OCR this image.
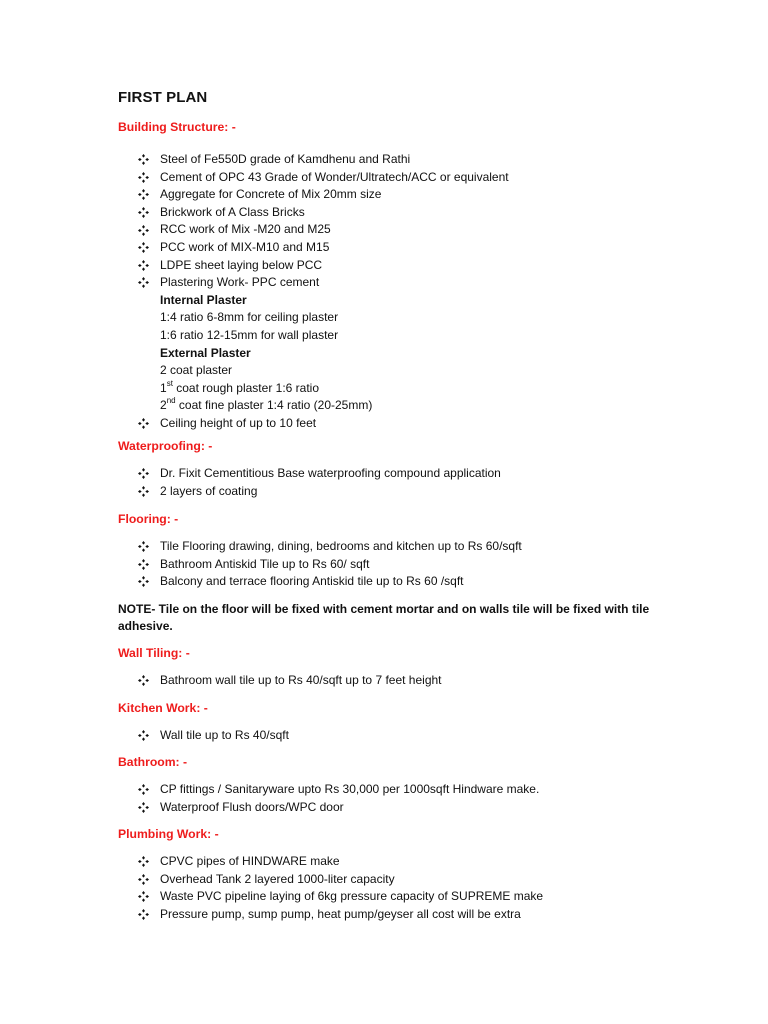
FIRST PLAN
Building Structure: -
Steel of Fe550D grade of Kamdhenu and Rathi
Cement of OPC 43 Grade of Wonder/Ultratech/ACC or equivalent
Aggregate for Concrete of Mix 20mm size
Brickwork of A Class Bricks
RCC work of Mix -M20 and M25
PCC work of MIX-M10 and M15
LDPE sheet laying below PCC
Plastering Work- PPC cement
Internal Plaster
1:4 ratio 6-8mm for ceiling plaster
1:6 ratio 12-15mm for wall plaster
External Plaster
2 coat plaster
1st coat rough plaster 1:6 ratio
2nd coat fine plaster 1:4 ratio (20-25mm)
Ceiling height of up to 10 feet
Waterproofing: -
Dr. Fixit Cementitious Base waterproofing compound application
2 layers of coating
Flooring: -
Tile Flooring drawing, dining, bedrooms and kitchen up to Rs 60/sqft
Bathroom Antiskid Tile up to Rs 60/ sqft
Balcony and terrace flooring Antiskid tile up to Rs 60 /sqft
NOTE- Tile on the floor will be fixed with cement mortar and on walls tile will be fixed with tile adhesive.
Wall Tiling: -
Bathroom wall tile up to Rs 40/sqft up to 7 feet height
Kitchen Work: -
Wall tile up to Rs 40/sqft
Bathroom: -
CP fittings / Sanitaryware upto Rs 30,000 per 1000sqft Hindware make.
Waterproof Flush doors/WPC door
Plumbing Work: -
CPVC pipes of HINDWARE make
Overhead Tank 2 layered 1000-liter capacity
Waste PVC pipeline laying of 6kg pressure capacity of SUPREME make
Pressure pump, sump pump, heat pump/geyser all cost will be extra
